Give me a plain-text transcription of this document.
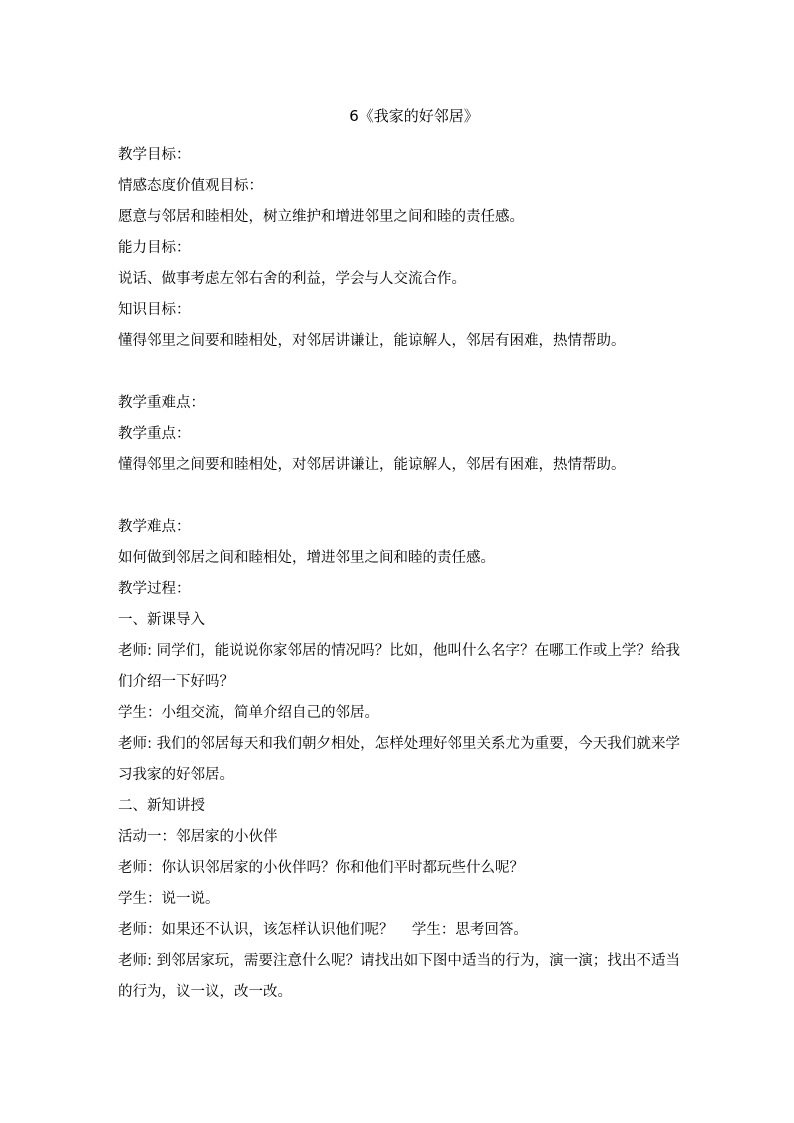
6《我家的好邻居》

教学目标：

情感态度价值观目标：

愿意与邻居和睦相处，树立维护和增进邻里之间和睦的责任感。

能力目标：

说话、做事考虑左邻右舍的利益，学会与人交流合作。

知识目标：

懂得邻里之间要和睦相处，对邻居讲谦让，能谅解人，邻居有困难，热情帮助。

教学重难点：

教学重点：

懂得邻里之间要和睦相处，对邻居讲谦让，能谅解人，邻居有困难，热情帮助。

教学难点：

如何做到邻居之间和睦相处，增进邻里之间和睦的责任感。

教学过程：

一、新课导入

老师: 同学们，能说说你家邻居的情况吗？比如，他叫什么名字？在哪工作或上学？给我们介绍一下好吗？

学生：小组交流，简单介绍自己的邻居。

老师: 我们的邻居每天和我们朝夕相处，怎样处理好邻里关系尤为重要，今天我们就来学习我家的好邻居。

二、新知讲授

活动一：邻居家的小伙伴

老师：你认识邻居家的小伙伴吗？你和他们平时都玩些什么呢？

学生：说一说。

老师：如果还不认识，该怎样认识他们呢？    学生：思考回答。

老师: 到邻居家玩，需要注意什么呢？请找出如下图中适当的行为，演一演；找出不适当的行为，议一议，改一改。
